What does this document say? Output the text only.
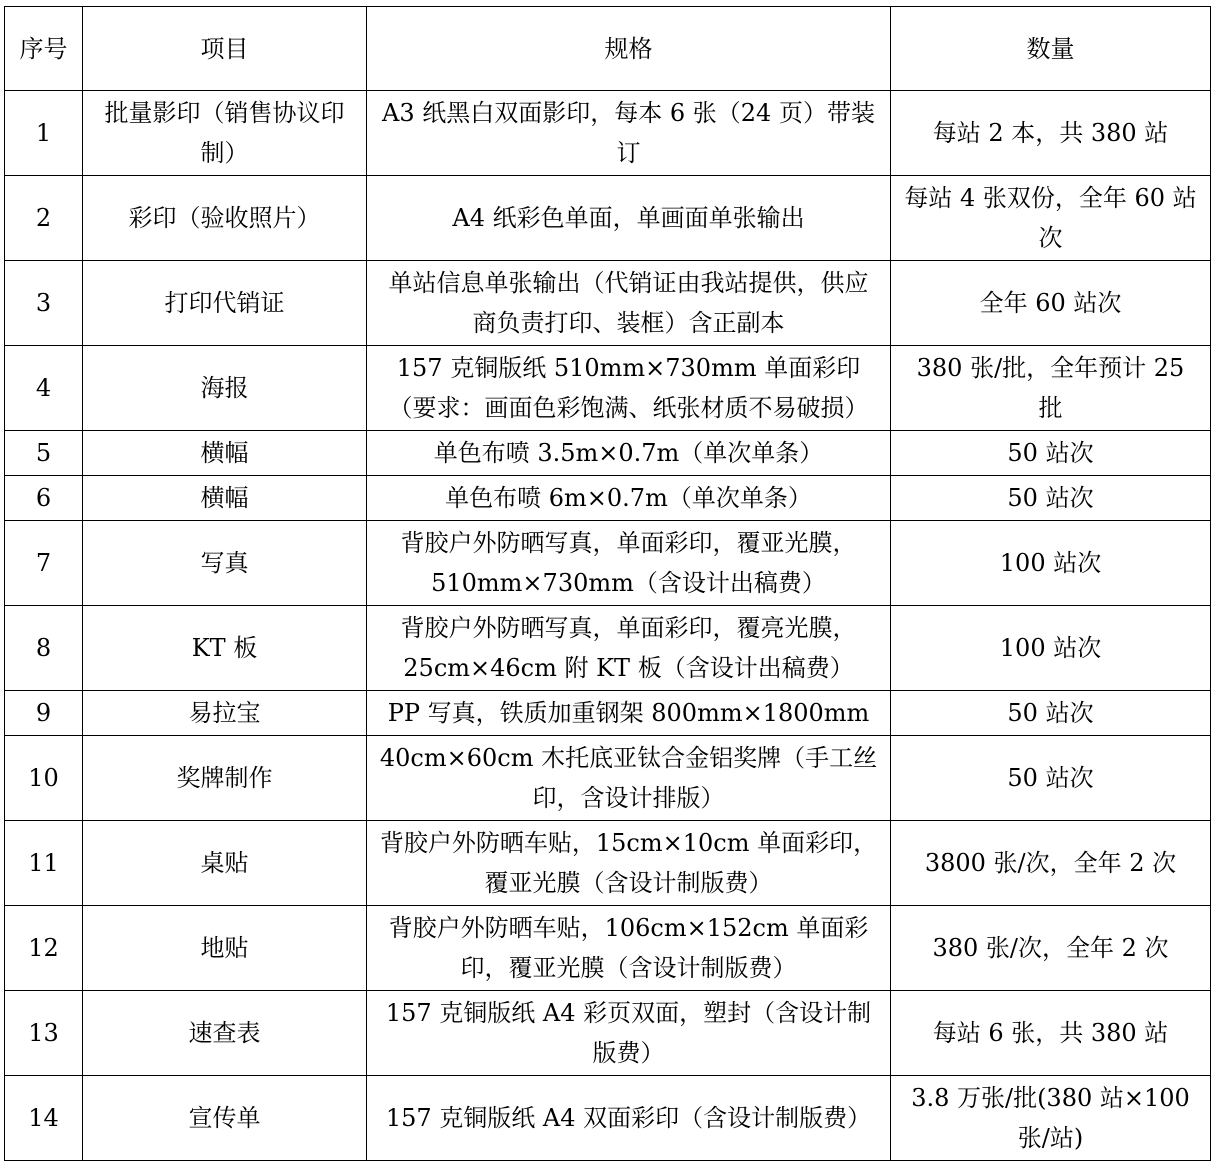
序号	项目	规格	数量
1	批量影印（销售协议印制）	A3 纸黑白双面影印，每本 6 张（24 页）带装订	每站 2 本，共 380 站
2	彩印（验收照片）	A4 纸彩色单面，单画面单张输出	每站 4 张双份，全年 60 站次
3	打印代销证	单站信息单张输出（代销证由我站提供，供应商负责打印、装框）含正副本	全年 60 站次
4	海报	157 克铜版纸 510mm×730mm 单面彩印（要求：画面色彩饱满、纸张材质不易破损）	380 张/批，全年预计 25 批
5	横幅	单色布喷 3.5m×0.7m（单次单条）	50 站次
6	横幅	单色布喷 6m×0.7m（单次单条）	50 站次
7	写真	背胶户外防晒写真，单面彩印，覆亚光膜，510mm×730mm（含设计出稿费）	100 站次
8	KT 板	背胶户外防晒写真，单面彩印，覆亮光膜，25cm×46cm 附 KT 板（含设计出稿费）	100 站次
9	易拉宝	PP 写真，铁质加重钢架 800mm×1800mm	50 站次
10	奖牌制作	40cm×60cm 木托底亚钛合金铝奖牌（手工丝印，含设计排版）	50 站次
11	桌贴	背胶户外防晒车贴，15cm×10cm 单面彩印，覆亚光膜（含设计制版费）	3800 张/次，全年 2 次
12	地贴	背胶户外防晒车贴，106cm×152cm 单面彩印，覆亚光膜（含设计制版费）	380 张/次，全年 2 次
13	速查表	157 克铜版纸 A4 彩页双面，塑封（含设计制版费）	每站 6 张，共 380 站
14	宣传单	157 克铜版纸 A4 双面彩印（含设计制版费）	3.8 万张/批(380 站×100 张/站)
